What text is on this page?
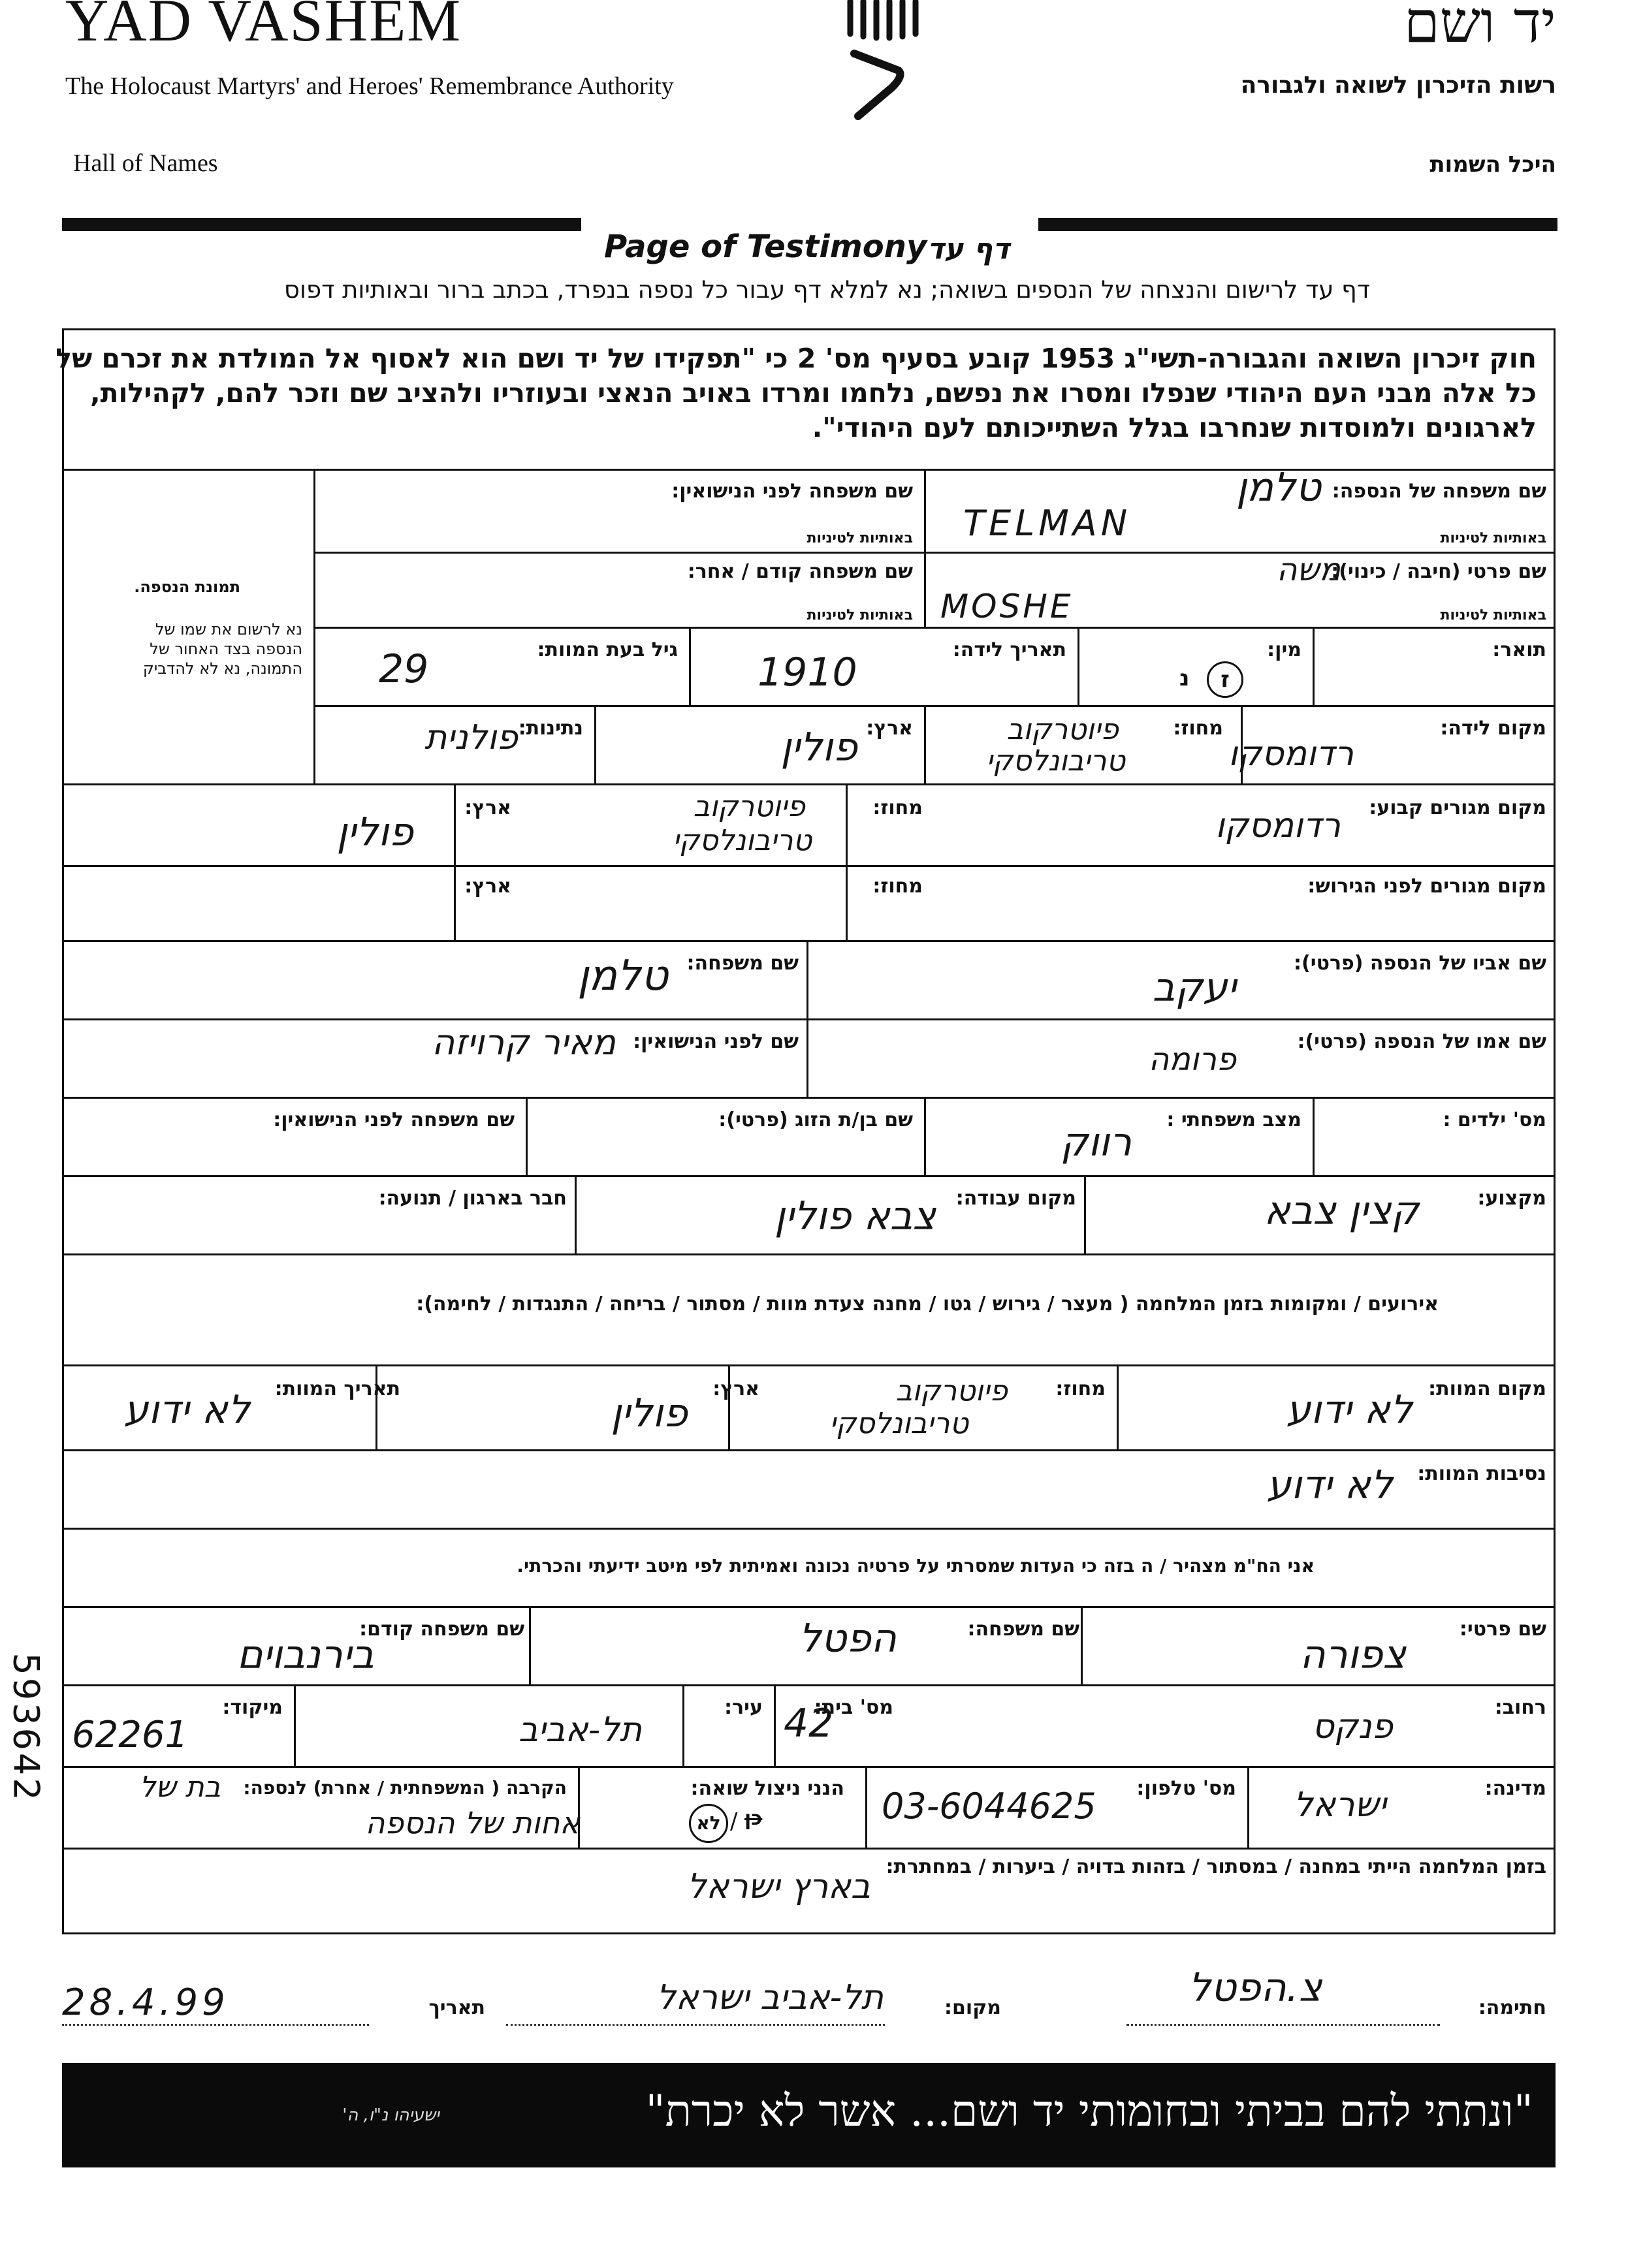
YAD VASHEM	יד ושם
The Holocaust Martyrs' and Heroes' Remembrance Authority	רשות הזיכרון לשואה ולגבורה
Hall of Names	היכל השמות
Page of Testimony דף עד
דף עד לרישום והנצחה של הנספים בשואה; נא למלא דף עבור כל נספה בנפרד, בכתב ברור ובאותיות דפוס
חוק זיכרון השואה והגבורה-תשי"ג 1953 קובע בסעיף מס' 2 כי "תפקידו של יד ושם הוא לאסוף אל המולדת את זכרם של
כל אלה מבני העם היהודי שנפלו ומסרו את נפשם, נלחמו ומרדו באויב הנאצי ובעוזריו ולהציב שם וזכר להם, לקהילות,
לארגונים ולמוסדות שנחרבו בגלל השתייכותם לעם היהודי".
תמונת הנספה.
נא לרשום את שמו של
הנספה בצד האחור של
התמונה, נא לא להדביק
שם משפחה של הנספה:
טלמן
באותיות לטיניות
TELMAN
שם משפחה לפני הנישואין:
באותיות לטיניות
שם פרטי (חיבה / כינוי):
משה
באותיות לטיניות
MOSHE
שם משפחה קודם / אחר:
באותיות לטיניות
תואר:
מין:
ז
נ
תאריך לידה:
1910
גיל בעת המוות:
29
מקום לידה:
רדומסקו
מחוז:
פיוטרקוב
טריבונלסקי
ארץ:
פולין
נתינות:
פולנית
מקום מגורים קבוע:
רדומסקו
מחוז:
פיוטרקוב
טריבונלסקי
ארץ:
פולין
מקום מגורים לפני הגירוש:
מחוז:
ארץ:
שם אביו של הנספה (פרטי):
יעקב
שם משפחה:
טלמן
שם אמו של הנספה (פרטי):
פרומה
שם לפני הנישואין:
מאיר קרויזה
מס' ילדים :
מצב משפחתי :
רווק
שם בן/ת הזוג (פרטי):
שם משפחה לפני הנישואין:
מקצוע:
קצין צבא
מקום עבודה:
צבא פולין
חבר בארגון / תנועה:
אירועים / ומקומות בזמן המלחמה ( מעצר / גירוש / גטו / מחנה צעדת מוות / מסתור / בריחה / התנגדות / לחימה):
מקום המוות:
לא ידוע
מחוז:
פיוטרקוב
טריבונלסקי
ארץ:
פולין
תאריך המוות:
לא ידוע
נסיבות המוות:
לא ידוע
אני הח"מ מצהיר / ה בזה כי העדות שמסרתי על פרטיה נכונה ואמיתית לפי מיטב ידיעתי והכרתי.
שם פרטי:
צפורה
שם משפחה:
הפטל
שם משפחה קודם:
בירנבוים
רחוב:
פנקס
מס' בית:
42
עיר:
תל-אביב
מיקוד:
62261
מדינה:
ישראל
מס' טלפון:
03-6044625
הנני ניצול שואה:
לא / כן
הקרבה ( המשפחתית / אחרת) לנספה:
בת של
אחות של הנספה
בזמן המלחמה הייתי במחנה / במסתור / בזהות בדויה / ביערות / במחתרת:
בארץ ישראל
חתימה:
צ.הפטל
מקום:
תל-אביב ישראל
תאריך
28.4.99
"ונתתי להם בביתי ובחומותי יד ושם... אשר לא יכרת"
ישעיהו נ"ו, ה'
593642
